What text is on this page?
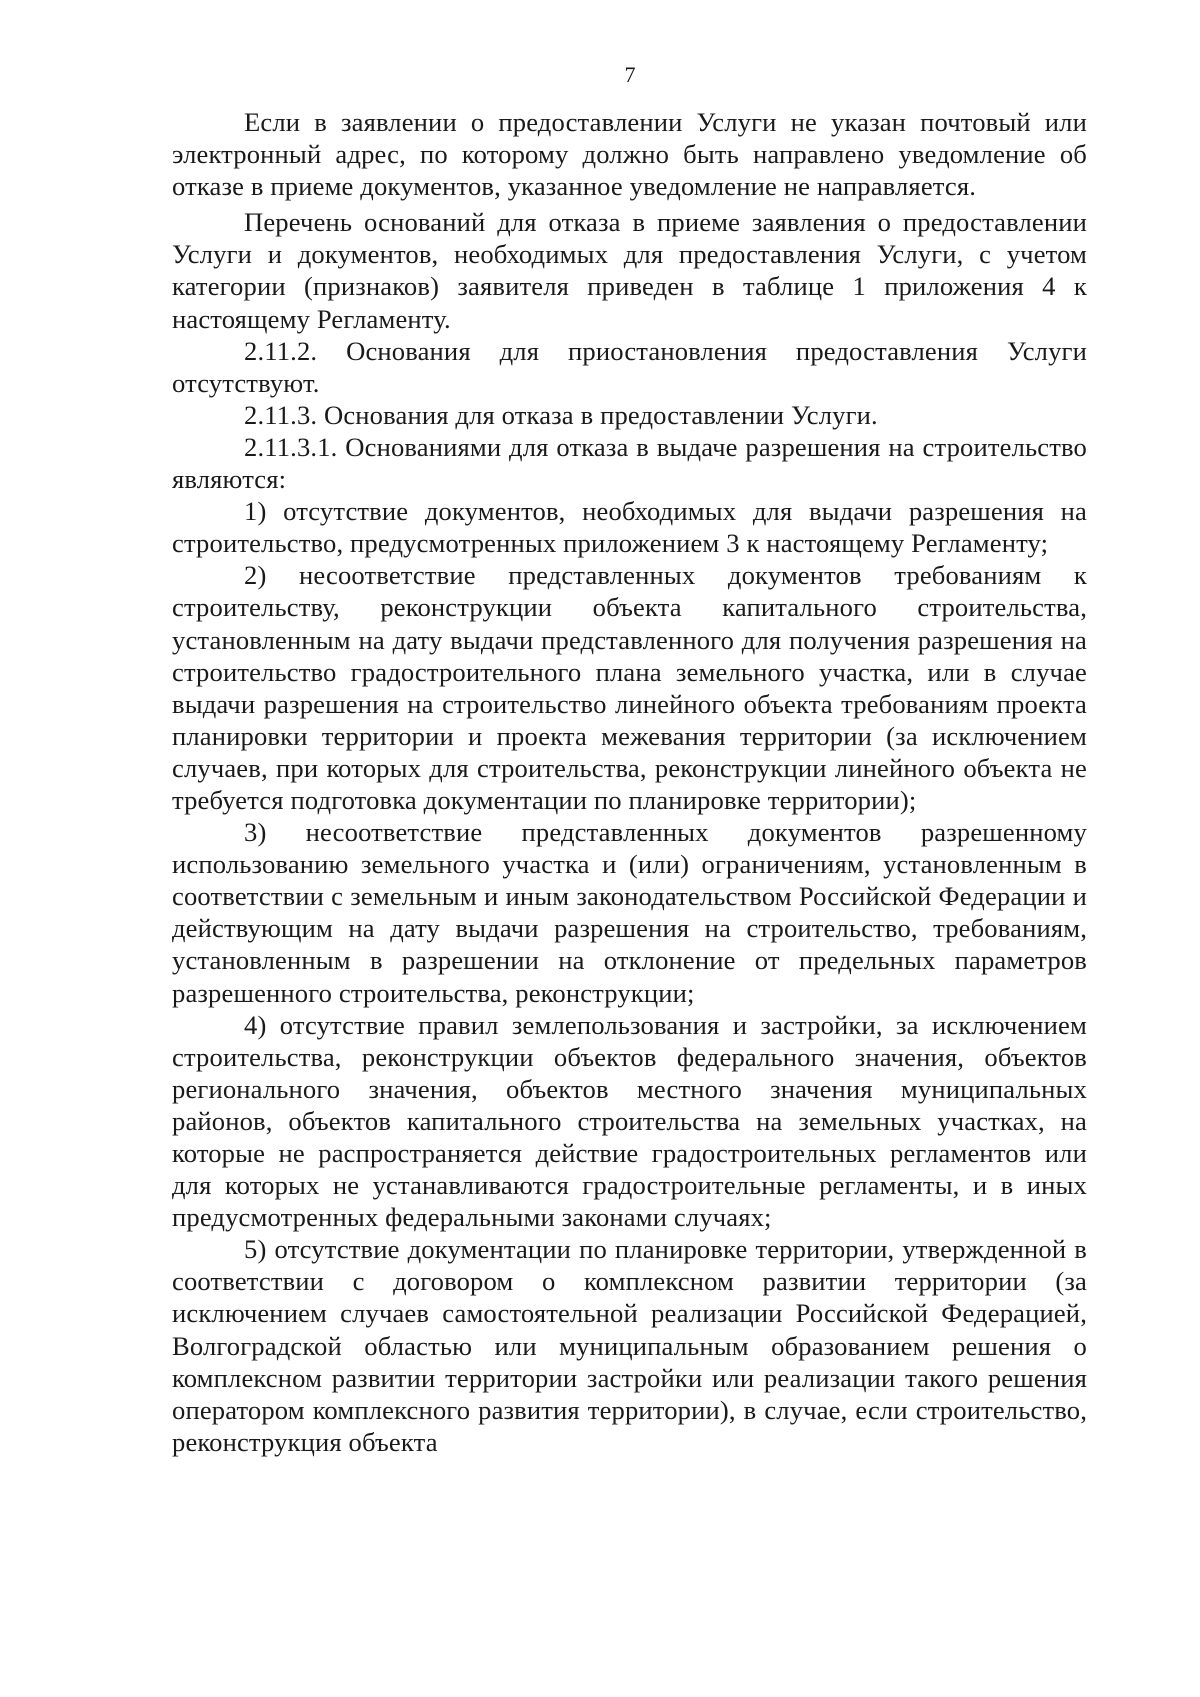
7

Если в заявлении о предоставлении Услуги не указан почтовый или электронный адрес, по которому должно быть направлено уведомление об отказе в приеме документов, указанное уведомление не направляется.

Перечень оснований для отказа в приеме заявления о предоставлении Услуги и документов, необходимых для предоставления Услуги, с учетом категории (признаков) заявителя приведен в таблице 1 приложения 4 к настоящему Регламенту.

2.11.2. Основания для приостановления предоставления Услуги отсутствуют.

2.11.3. Основания для отказа в предоставлении Услуги.

2.11.3.1. Основаниями для отказа в выдаче разрешения на строительство являются:

1) отсутствие документов, необходимых для выдачи разрешения на строительство, предусмотренных приложением 3 к настоящему Регламенту;

2) несоответствие представленных документов требованиям к строительству, реконструкции объекта капитального строительства, установленным на дату выдачи представленного для получения разрешения на строительство градостроительного плана земельного участка, или в случае выдачи разрешения на строительство линейного объекта требованиям проекта планировки территории и проекта межевания территории (за исключением случаев, при которых для строительства, реконструкции линейного объекта не требуется подготовка документации по планировке территории);

3) несоответствие представленных документов разрешенному использованию земельного участка и (или) ограничениям, установленным в соответствии с земельным и иным законодательством Российской Федерации и действующим на дату выдачи разрешения на строительство, требованиям, установленным в разрешении на отклонение от предельных параметров разрешенного строительства, реконструкции;

4) отсутствие правил землепользования и застройки, за исключением строительства, реконструкции объектов федерального значения, объектов регионального значения, объектов местного значения муниципальных районов, объектов капитального строительства на земельных участках, на которые не распространяется действие градостроительных регламентов или для которых не устанавливаются градостроительные регламенты, и в иных предусмотренных федеральными законами случаях;

5) отсутствие документации по планировке территории, утвержденной в соответствии с договором о комплексном развитии территории (за исключением случаев самостоятельной реализации Российской Федерацией, Волгоградской областью или муниципальным образованием решения о комплексном развитии территории застройки или реализации такого решения оператором комплексного развития территории), в случае, если строительство, реконструкция объекта
